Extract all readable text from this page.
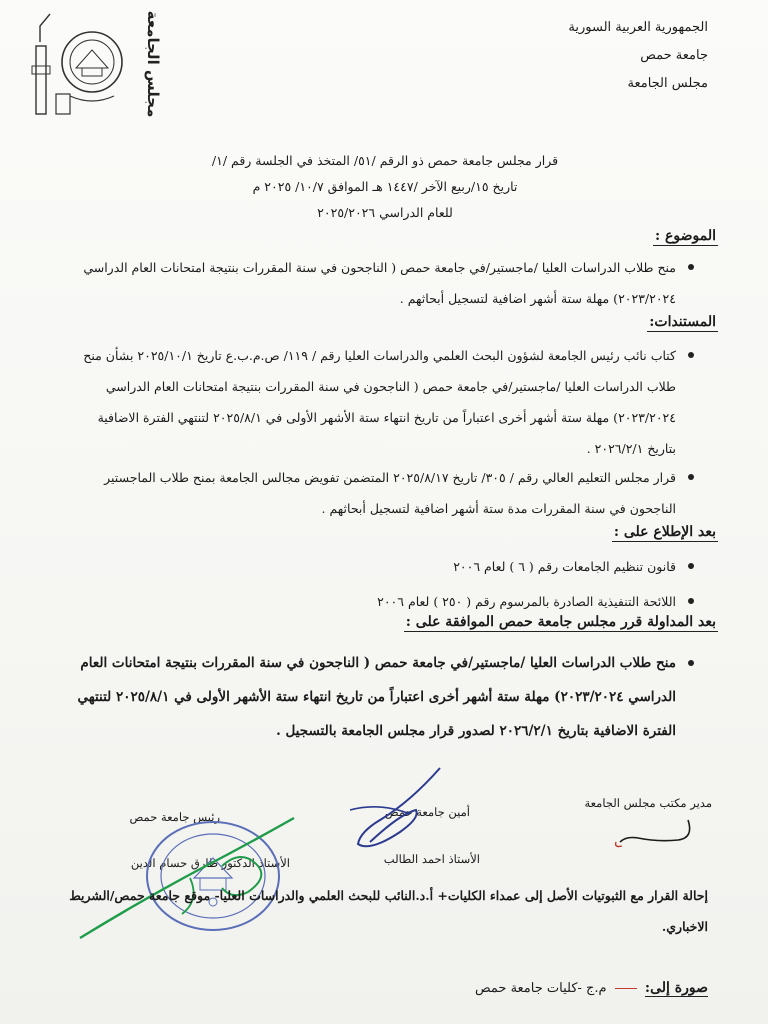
الجمهورية العربية السورية
جامعة حمص
مجلس الجامعة
مجلس الجامعة
قرار مجلس جامعة حمص ذو الرقم /٥١/ المتخذ في الجلسة رقم /١/
تاريخ ١٥/ربيع الآخر /١٤٤٧ هـ الموافق ١٠/٧/ ٢٠٢٥ م
للعام الدراسي ٢٠٢٥/٢٠٢٦
الموضوع :
منح طلاب الدراسات العليا /ماجستير/في جامعة حمص ( الناجحون في سنة المقررات بنتيجة امتحانات العام الدراسي ٢٠٢٣/٢٠٢٤) مهلة ستة أشهر اضافية لتسجيل أبحاثهم .
المستندات:
كتاب نائب رئيس الجامعة لشؤون البحث العلمي والدراسات العليا رقم / ١١٩/ ص.م.ب.ع تاريخ ٢٠٢٥/١٠/١ بشأن منح طلاب الدراسات العليا /ماجستير/في جامعة حمص ( الناجحون في سنة المقررات بنتيجة امتحانات العام الدراسي ٢٠٢٣/٢٠٢٤) مهلة ستة أشهر أخرى اعتباراً من تاريخ انتهاء ستة الأشهر الأولى في ٢٠٢٥/٨/١ لتنتهي الفترة الاضافية بتاريخ ٢٠٢٦/٢/١ .
قرار مجلس التعليم العالي رقم / ٣٠٥/ تاريخ ٢٠٢٥/٨/١٧ المتضمن تفويض مجالس الجامعة بمنح طلاب الماجستير الناجحون في سنة المقررات مدة ستة أشهر اضافية لتسجيل أبحاثهم .
بعد الإطلاع على :
قانون تنظيم الجامعات رقم ( ٦ ) لعام ٢٠٠٦
اللائحة التنفيذية الصادرة بالمرسوم رقم ( ٢٥٠ ) لعام ٢٠٠٦
بعد المداولة قرر مجلس جامعة حمص الموافقة على :
منح طلاب الدراسات العليا /ماجستير/في جامعة حمص ( الناجحون في سنة المقررات بنتيجة امتحانات العام الدراسي ٢٠٢٣/٢٠٢٤) مهلة ستة أشهر أخرى اعتباراً من تاريخ انتهاء ستة الأشهر الأولى في ٢٠٢٥/٨/١ لتنتهي الفترة الاضافية بتاريخ ٢٠٢٦/٢/١ لصدور قرار مجلس الجامعة بالتسجيل .
مدير مكتب مجلس الجامعة
أمين جامعة حمص
الأستاذ احمد الطالب
رئيس جامعة حمص
الأستاذ الدكتور طارق حسام الدين
إحالة القرار مع الثبوتيات الأصل إلى عمداء الكليات+ أ.د.النائب للبحث العلمي والدراسات العليا- موقع جامعة حمص/الشريط الاخباري.
صورة إلى:  م.ج -كليات جامعة حمص
